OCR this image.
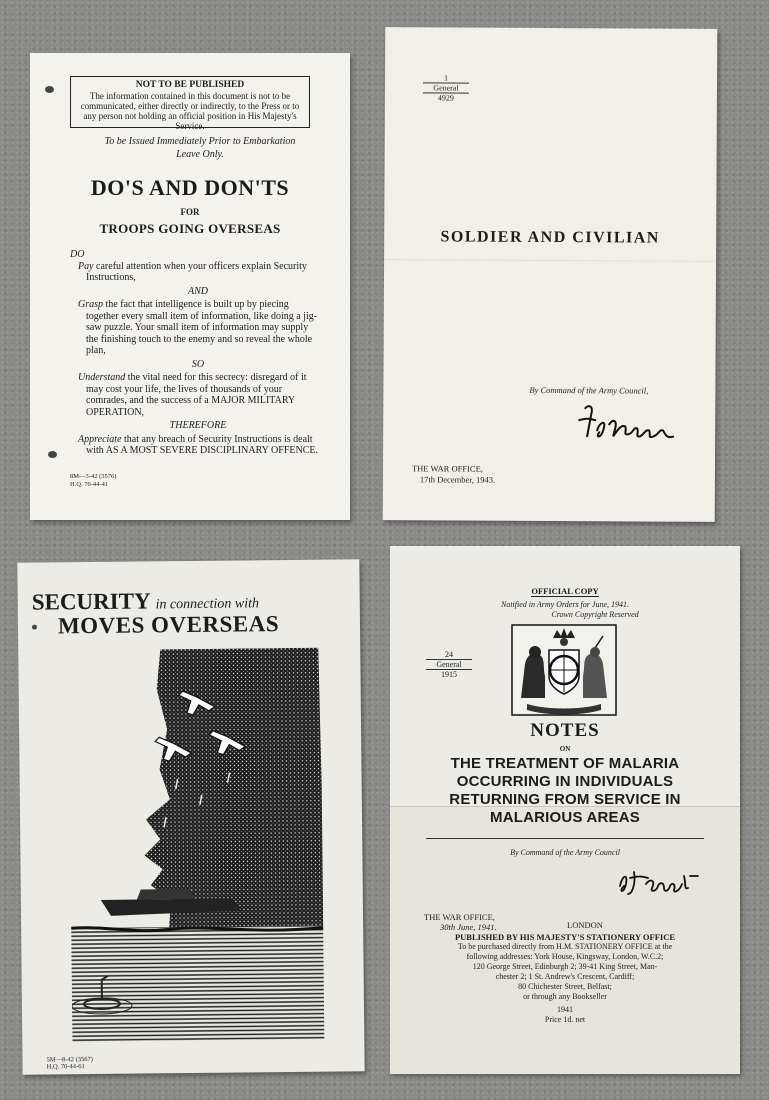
NOT TO BE PUBLISHED
The information contained in this document is not to be communicated, either directly or indirectly, to the Press or to any person not holding an official position in His Majesty's Service.
To be Issued Immediately Prior to Embarkation
Leave Only.
DO'S AND DON'TS
FOR
TROOPS GOING OVERSEAS
DO

Pay careful attention when your officers explain Security Instructions,

AND

Grasp the fact that intelligence is built up by piecing together every small item of information, like doing a jig-saw puzzle. Your small item of information may supply the finishing touch to the enemy and so reveal the whole plan,

SO

Understand the vital need for this secrecy: disregard of it may cost your life, the lives of thousands of your comrades, and the success of a MAJOR MILITARY OPERATION,

THEREFORE

Appreciate that any breach of Security Instructions is dealt with AS A MOST SEVERE DISCIPLINARY OFFENCE.

8M—3-42 (3576)
H.Q. 70-44-41
1
General
4929
SOLDIER AND CIVILIAN
By Command of the Army Council,
THE WAR OFFICE,
17th December, 1943.
SECURITY in connection with
MOVES OVERSEAS
5M—8-42 (3567)
H.Q. 70-44-61
OFFICIAL COPY
Notified in Army Orders for June, 1941.
Crown Copyright Reserved
24
General
1915
NOTES
ON
THE TREATMENT OF MALARIA
OCCURRING IN INDIVIDUALS
RETURNING FROM SERVICE IN
MALARIOUS AREAS
By Command of the Army Council
THE WAR OFFICE,
30th June, 1941.	LONDON
PUBLISHED BY HIS MAJESTY'S STATIONERY OFFICE
To be purchased directly from H.M. STATIONERY OFFICE at the
following addresses: York House, Kingsway, London, W.C.2;
120 George Street, Edinburgh 2; 39-41 King Street, Man-
chester 2; 1 St. Andrew's Crescent, Cardiff;
80 Chichester Street, Belfast;
or through any Bookseller
1941
Price 1d. net
